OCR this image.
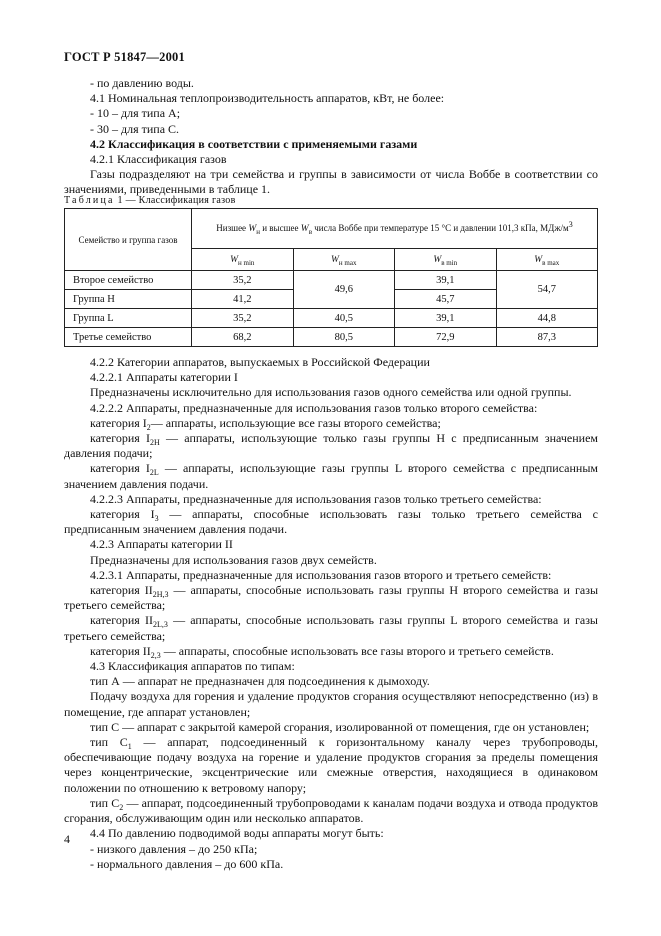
ГОСТ Р 51847—2001

- по давлению воды.

4.1 Номинальная теплопроизводительность аппаратов, кВт, не более:

- 10 – для типа А;

- 30 – для типа С.

4.2 Классификация в соответствии с применяемыми газами

4.2.1 Классификация газов

Газы подразделяют на три семейства и группы в зависимости от числа Воббе в соответствии со значениями, приведенными в таблице 1.

Таблица 1 — Классификация газов
Семейство и группа газов	Низшее $W_н$ и высшее $W_в$ числа Воббе при температуре 15 °С и давлении 101,3 кПа, МДж/$м^3$
	$W_{н min}$	$W_{н max}$	$W_{в min}$	$W_{в max}$
Второе семейство	35,2	49,6	39,1	54,7
Группа Н	41,2		45,7	
Группа L	35,2	40,5	39,1	44,8
Третье семейство	68,2	80,5	72,9	87,3

4.2.2 Категории аппаратов, выпускаемых в Российской Федерации

4.2.2.1 Аппараты категории I

Предназначены исключительно для использования газов одного семейства или одной группы.

4.2.2.2 Аппараты, предназначенные для использования газов только второго семейства:

категория $I_2—$ аппараты, использующие все газы второго семейства;

категория $I_{2Н}$ — аппараты, использующие только газы группы Н с предписанным значением давления подачи;

категория $I_{2L}$ — аппараты, использующие газы группы L второго семейства с предписанным значением давления подачи.

4.2.2.3 Аппараты, предназначенные для использования газов только третьего семейства:

категория $I_3$ — аппараты, способные использовать газы только третьего семейства с предписанным значением давления подачи.

4.2.3 Аппараты категории II

Предназначены для использования газов двух семейств.

4.2.3.1 Аппараты, предназначенные для использования газов второго и третьего семейств:

категория $II_{2Н,3}$ — аппараты, способные использовать газы группы Н второго семейства и газы третьего семейства;

категория $II_{2L,3}$ — аппараты, способные использовать газы группы L второго семейства и газы третьего семейства;

категория $II_{2,3}$ — аппараты, способные использовать все газы второго и третьего семейств.

4.3 Классификация аппаратов по типам:

тип А — аппарат не предназначен для подсоединения к дымоходу.

Подачу воздуха для горения и удаление продуктов сгорания осуществляют непосредственно (из) в помещение, где аппарат установлен;

тип С — аппарат с закрытой камерой сгорания, изолированной от помещения, где он установлен;

тип $С_1$ — аппарат, подсоединенный к горизонтальному каналу через трубопроводы, обеспечивающие подачу воздуха на горение и удаление продуктов сгорания за пределы помещения через концентрические, эксцентрические или смежные отверстия, находящиеся в одинаковом положении по отношению к ветровому напору;

тип $С_2$ — аппарат, подсоединенный трубопроводами к каналам подачи воздуха и отвода продуктов сгорания, обслуживающим один или несколько аппаратов.

4.4 По давлению подводимой воды аппараты могут быть:

- низкого давления – до 250 кПа;

- нормального давления – до 600 кПа.

4
